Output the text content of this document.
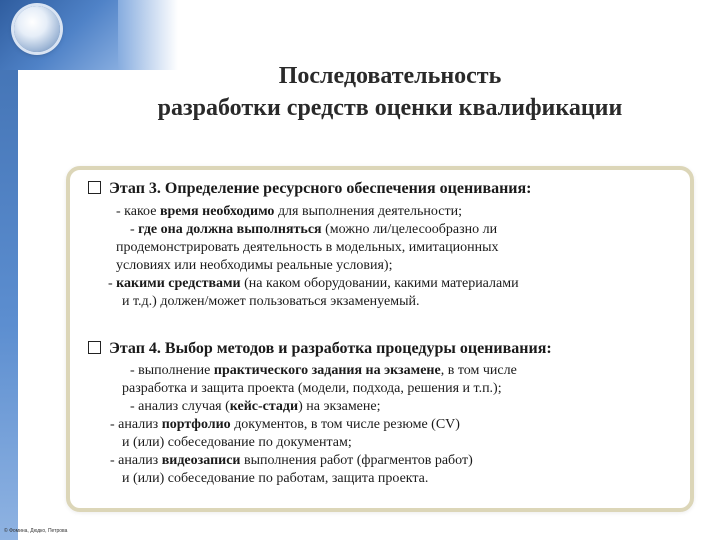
Последовательность
разработки средств оценки квалификации
Этап 3. Определение ресурсного обеспечения оценивания:
- какое время необходимо для выполнения деятельности;
- где она должна выполняться (можно ли/целесообразно ли
продемонстрировать деятельность в модельных, имитационных
условиях или необходимы реальные условия);
- какими средствами (на каком оборудовании, какими материалами
и т.д.) должен/может пользоваться экзаменуемый.
Этап 4. Выбор методов и разработка процедуры оценивания:
- выполнение практического задания на экзамене, в том числе
разработка и защита проекта (модели, подхода, решения и т.п.);
- анализ случая (кейс-стади) на экзамене;
- анализ портфолио документов, в том числе резюме (CV)
и (или) собеседование по документам;
- анализ видеозаписи выполнения работ (фрагментов работ)
и (или) собеседование по работам, защита проекта.
© Фомина, Дюдко, Петрова
